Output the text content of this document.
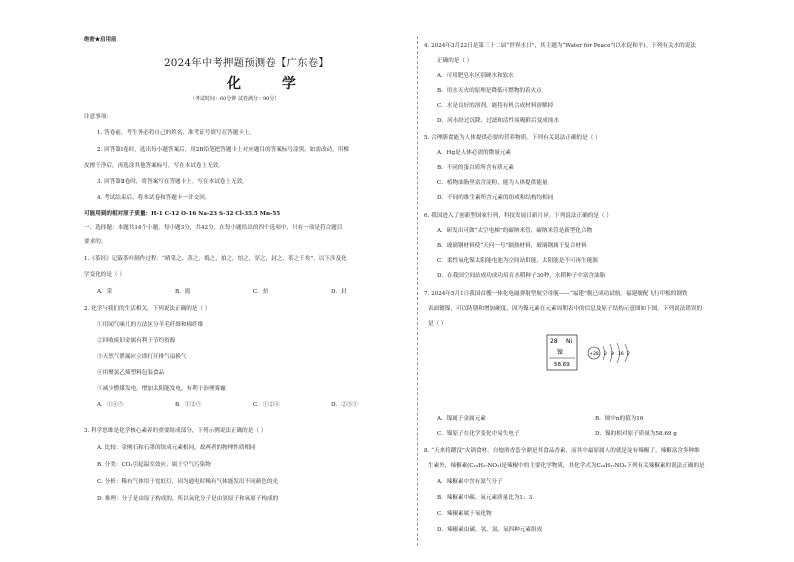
绝密★启用前
2024年中考押题预测卷【广东卷】
化 学
（考试时间：60分钟 试卷满分：90分）
注意事项：
1. 答卷前，考生务必将自己的姓名、准考证号填写在答题卡上。
2. 回答第Ⅰ卷时，选出每小题答案后，用2B铅笔把答题卡上对应题目的答案标号涂黑。如需改动，用橡
皮擦干净后，再选涂其他答案标号。写在本试卷上无效。
3. 回答第Ⅱ卷时，将答案写在答题卡上。写在本试卷上无效。
4. 考试结束后，将本试卷和答题卡一并交回。
可能用到的相对原子质量：H-1 C-12 O-16 Na-23 S-32 Cl-35.5 Mn-55
一、选择题：本题共14个小题，每小题3分，共42分。在每小题给出的四个选项中，只有一项是符合题目
要求的。
1.《茶经》记载茶叶制作过程：“晴采之，蒸之，捣之，拍之，焙之，穿之，封之，茶之干矣”。以下涉及化
学变化的是（ ）
A．采	B．捣	C．焙	D．封
2. 化学与我们的生活相关。下列说法正确的是（ ）
①用闻气味儿的方法区分羊毛纤维和棉纤维
②回收废旧金属有利于节约资源
③天然气泄漏应立即打开排气扇换气
④用聚氯乙烯塑料包装食品
⑤减少燃煤发电，增加太阳能发电，有利于治理雾霾
A．①④⑤	B．①②⑤	C．①②④	D．②③⑤
3. 科学思维是化学核心素养的重要组成部分，下列示例说法正确的是（ ）
A. 比较：金刚石和石墨的组成元素相同，故两者的物理性质相同
B. 分类：CO₂引起温室效应，属于空气污染物
C. 分析：稀有气体用于霓虹灯，因为通电时稀有气体能发出不同颜色的光
D. 推理：分子是由原子构成的，所以氧化分子是由氢原子和氧原子构成的
4. 2024年3月22日是第三十二届“世界水日”，其主题为“Water for Peace”(以水促和平)。下列有关水的说法
正确的是（ ）
A．可用肥皂水区别硬水和软水
B．用水灭火的原理是降低可燃物的着火点
C．水是良好的溶剂，能将有机合成材料溶解掉
D．河水经过沉降、过滤和活性炭吸附后变成纯水
5. 合理膳食能为人体提供必要的营养物质。下列有关说法正确的是（ ）
A．Hg是人体必需的微量元素
B．不同的蛋白质所含有质元素
C．植物油脂里富含淀粉，能为人体提供能量
D．不同的维生素所含元素的组成和结构均相同
6. 我国进入了创新型国家行列，科技发展日新月异。下列说法正确的是（ ）
A．研发出可做“太空电梯”的碳纳米管，碳纳米管是新型化合物
B．玻璃钢材料使“天问一号”隔热材料，玻璃钢属于复合材料
C．柔性氧化镍太阳能电池为空间站供能，太阳能是不可再生能源
D．在我国空间站成功成功培育水稻种子30秒，水稻种子中富含油脂
7. 2024年5月1日我国首艘一体化电磁弹射型航空母舰——“福建”舰已成功试航。福建舰配飞行甲板的钢铁
表面镀镍，可以防锈和增加硬度，因为镍元素在元素周期表中的信息及原子结构示意图如下图。下列说法错误的
是（ ）
28 Ni
镍
58.69
+28 2 8 16 2
A．镍属于金属元素	B．图中n的值为16
C．镍原子在化学变化中易失电子	D．镍的相对原子质量为58.69 g
8. “天来将蹲没”火锅食材，自炮滑香套全鼎是其食品香素，而其中最原属人的就是淀有辣椒了。辣椒富含多种维
生素外，辣椒素(C₁₈H₂₇NO₃)是辣椒中的主要化学物质，其化学式为C₁₈H₂₇NO₃下列有关辣椒素的说法正确的是
A．辣椒素中含有氮气分子
B．辣椒素中碳、氧元素质量比为1：3
C．辣椒素属于氧化物
D．辣椒素由碳、氢、氮、氧四种元素组成
